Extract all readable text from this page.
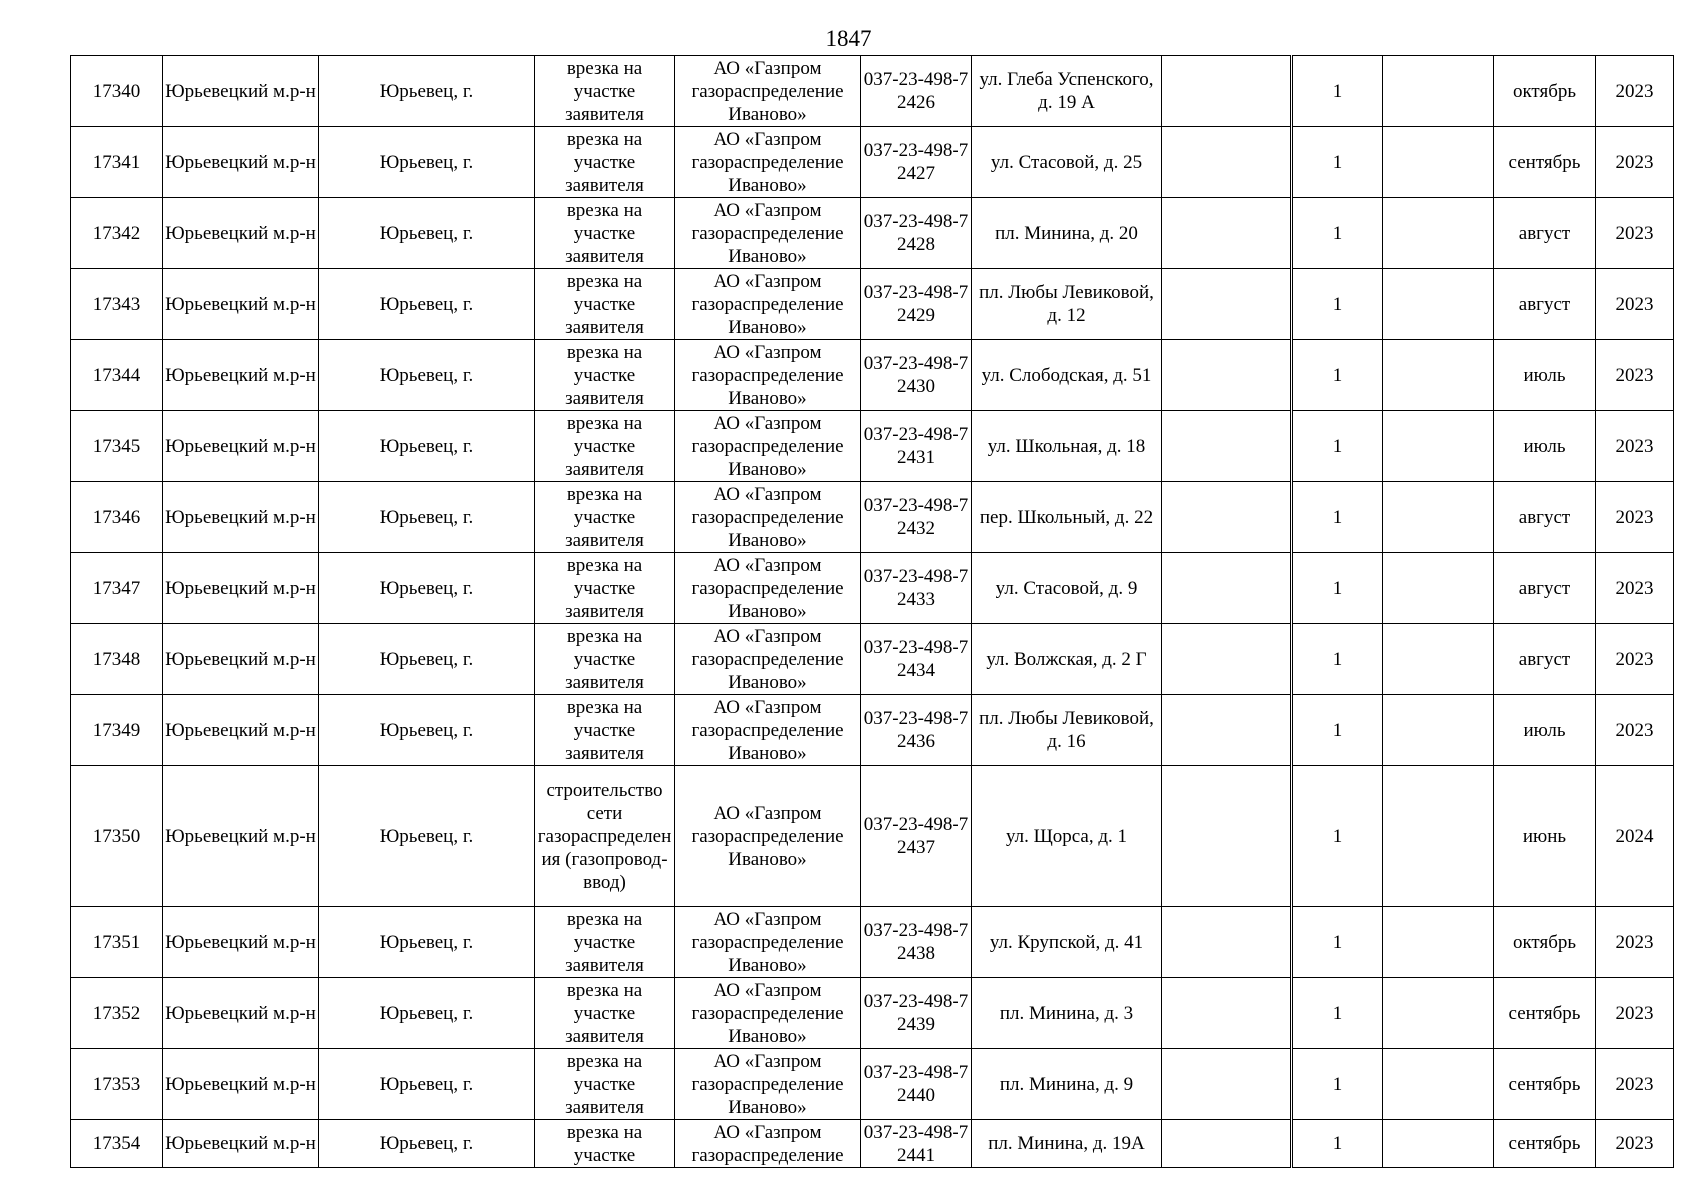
1847
17340	Юрьевецкий м.р-н	Юрьевец, г.	врезка на участке заявителя	АО «Газпром газораспределение Иваново»	037-23-498-72426	ул. Глеба Успенского, д. 19 А			1		октябрь	2023
17341	Юрьевецкий м.р-н	Юрьевец, г.	врезка на участке заявителя	АО «Газпром газораспределение Иваново»	037-23-498-72427	ул. Стасовой, д. 25			1		сентябрь	2023
17342	Юрьевецкий м.р-н	Юрьевец, г.	врезка на участке заявителя	АО «Газпром газораспределение Иваново»	037-23-498-72428	пл. Минина, д. 20			1		август	2023
17343	Юрьевецкий м.р-н	Юрьевец, г.	врезка на участке заявителя	АО «Газпром газораспределение Иваново»	037-23-498-72429	пл. Любы Левиковой, д. 12			1		август	2023
17344	Юрьевецкий м.р-н	Юрьевец, г.	врезка на участке заявителя	АО «Газпром газораспределение Иваново»	037-23-498-72430	ул. Слободская, д. 51			1		июль	2023
17345	Юрьевецкий м.р-н	Юрьевец, г.	врезка на участке заявителя	АО «Газпром газораспределение Иваново»	037-23-498-72431	ул. Школьная, д. 18			1		июль	2023
17346	Юрьевецкий м.р-н	Юрьевец, г.	врезка на участке заявителя	АО «Газпром газораспределение Иваново»	037-23-498-72432	пер. Школьный, д. 22			1		август	2023
17347	Юрьевецкий м.р-н	Юрьевец, г.	врезка на участке заявителя	АО «Газпром газораспределение Иваново»	037-23-498-72433	ул. Стасовой, д. 9			1		август	2023
17348	Юрьевецкий м.р-н	Юрьевец, г.	врезка на участке заявителя	АО «Газпром газораспределение Иваново»	037-23-498-72434	ул. Волжская, д. 2 Г			1		август	2023
17349	Юрьевецкий м.р-н	Юрьевец, г.	врезка на участке заявителя	АО «Газпром газораспределение Иваново»	037-23-498-72436	пл. Любы Левиковой, д. 16			1		июль	2023
17350	Юрьевецкий м.р-н	Юрьевец, г.	строительство сети газораспределения (газопровод-ввод)	АО «Газпром газораспределение Иваново»	037-23-498-72437	ул. Щорса, д. 1			1		июнь	2024
17351	Юрьевецкий м.р-н	Юрьевец, г.	врезка на участке заявителя	АО «Газпром газораспределение Иваново»	037-23-498-72438	ул. Крупской, д. 41			1		октябрь	2023
17352	Юрьевецкий м.р-н	Юрьевец, г.	врезка на участке заявителя	АО «Газпром газораспределение Иваново»	037-23-498-72439	пл. Минина, д. 3			1		сентябрь	2023
17353	Юрьевецкий м.р-н	Юрьевец, г.	врезка на участке заявителя	АО «Газпром газораспределение Иваново»	037-23-498-72440	пл. Минина, д. 9			1		сентябрь	2023
17354	Юрьевецкий м.р-н	Юрьевец, г.	врезка на участке	АО «Газпром газораспределение	037-23-498-72441	пл. Минина, д. 19А			1		сентябрь	2023
